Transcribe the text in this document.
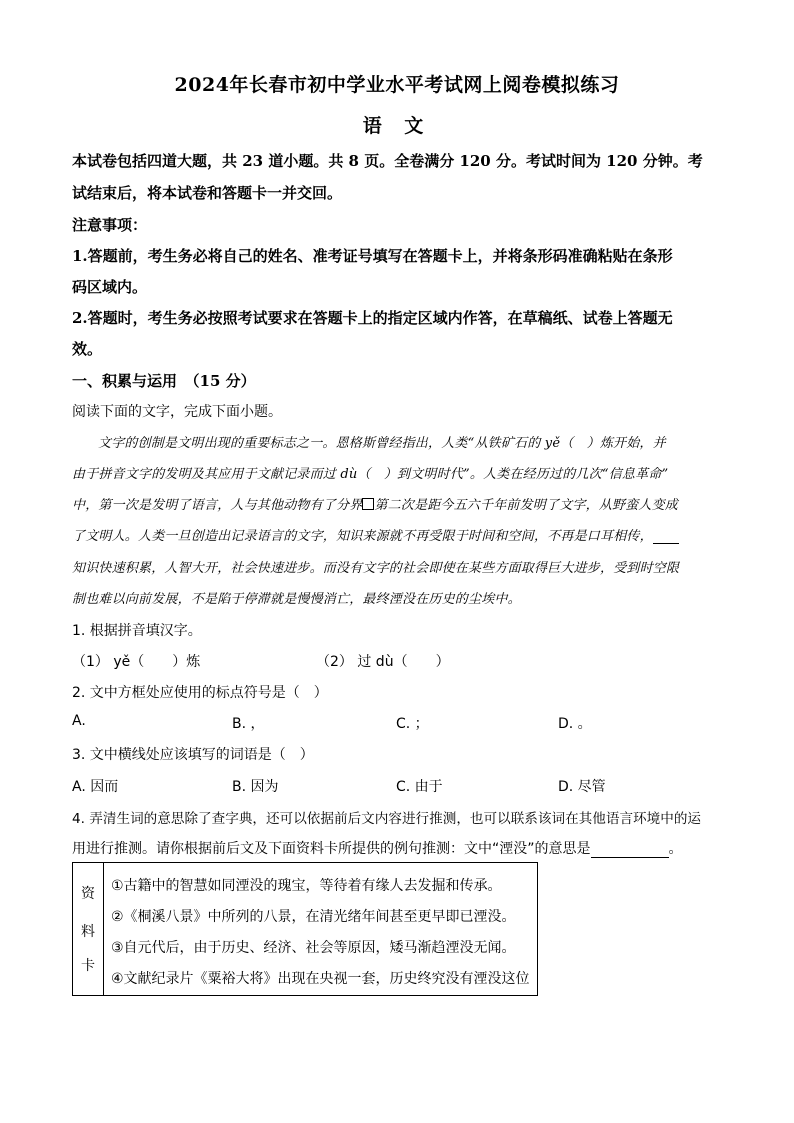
2024年长春市初中学业水平考试网上阅卷模拟练习
语 文
本试卷包括四道大题，共 23 道小题。共 8 页。全卷满分 120 分。考试时间为 120 分钟。考
试结束后，将本试卷和答题卡一并交回。
注意事项：
1.答题前，考生务必将自己的姓名、准考证号填写在答题卡上，并将条形码准确粘贴在条形
码区域内。
2.答题时，考生务必按照考试要求在答题卡上的指定区域内作答，在草稿纸、试卷上答题无
效。
一、积累与运用　（15 分）
阅读下面的文字，完成下面小题。
文字的创制是文明出现的重要标志之一。恩格斯曾经指出，人类“从铁矿石的 yě（　）炼开始，并
由于拼音文字的发明及其应用于文献记录而过 dù（　）到文明时代”。人类在经历过的几次“信息革命”
中，第一次是发明了语言，人与其他动物有了分界 第二次是距今五六千年前发明了文字，从野蛮人变成
了文明人。人类一旦创造出记录语言的文字，知识来源就不再受限于时间和空间，不再是口耳相传，
知识快速积累，人智大开，社会快速进步。而没有文字的社会即使在某些方面取得巨大进步，受到时空限
制也难以向前发展，不是陷于停滞就是慢慢消亡，最终湮没在历史的尘埃中。
1. 根据拼音填汉字。
（1） yě（　　）炼	（2） 过 dù（　　）
2. 文中方框处应使用的标点符号是（　）
A.	B. ，	C. ；	D. 。
3. 文中横线处应该填写的词语是（　）
A. 因而	B. 因为	C. 由于	D. 尽管
4. 弄清生词的意思除了查字典，还可以依据前后文内容进行推测，也可以联系该词在其他语言环境中的运
用进行推测。请你根据前后文及下面资料卡所提供的例句推测：文中“湮没”的意思是	。
资
料
卡
①古籍中的智慧如同湮没的瑰宝，等待着有缘人去发掘和传承。
②《桐溪八景》中所列的八景，在清光绪年间甚至更早即已湮没。
③自元代后，由于历史、经济、社会等原因，矮马渐趋湮没无闻。
④文献纪录片《粟裕大将》出现在央视一套，历史终究没有湮没这位
